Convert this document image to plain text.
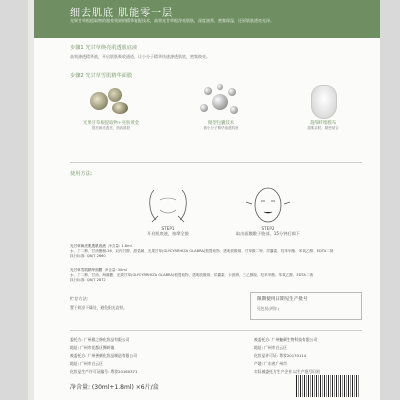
细去肌底 肌能零一层
光果甘草根提取物的超亮效果的精华复配技术，高效光甘草根净亮肌肤，深度滋养，密集保湿，还原肌肤透亮光泽。
步骤1 光甘草焕亮肌透肌底液
高效渗透精华液，开启肌肤吸收通道，让小分子精华快速渗透肌底，密集焕亮。
步骤2 光甘草雪肌精华面膜
光果甘草根提取物+亮肤黄金
提亮焕亮透亮，细致肌肤
微型包囊技术
微小分子精华渗透肌底
超细纤维膜布
超柔亲肤，紧密贴合
使用方法:
STEP1
开启肌底液，按摩全脸
STEP2
取出面膜敷于脸部，15分钟后揭下
光甘草焕亮肌透肌底液 净含量: 1.8ml
水、丁二醇、甘油聚醚-26、双丙甘醇、甜菜碱、光果甘草(GLYCYRRHIZA GLABRA)根提取物、透明质酸钠、甘草酸二钾、尿囊素、羟苯甲酯、苯氧乙醇、EDTA二钠
执行标准: QB/T 2660
光甘草雪肌精华面膜 净含量: 30ml
水、丁二醇、甘油、海藻糖、光果甘草(GLYCYRRHIZA GLABRA)根提取物、透明质酸钠、尿囊素、卡波姆、三乙醇胺、羟苯甲酯、苯氧乙醇、EDTA二钠
执行标准: QB/T 2872
贮存方法:
置于阴凉干燥处，避免阳光直射。
限期使用日期见生产批号
见包装(两年)
委托方: 广州雅之修化妆品有限公司
地址: 广州市花都区狮岭镇
被委托方: 广州善颜化妆品制造有限公司
地址: 广州市白云区
化妆品生产许可证编号: 粤妆20160371
被委托方: 广州魅颜生物科技有限公司
地址: 广州市白云区
化妆品许可证: 粤妆20170114
产地: 广东省广州市
实际被委托方生产企业 以生产批号识别
净含量: (30ml+1.8ml) ×6片/盒
